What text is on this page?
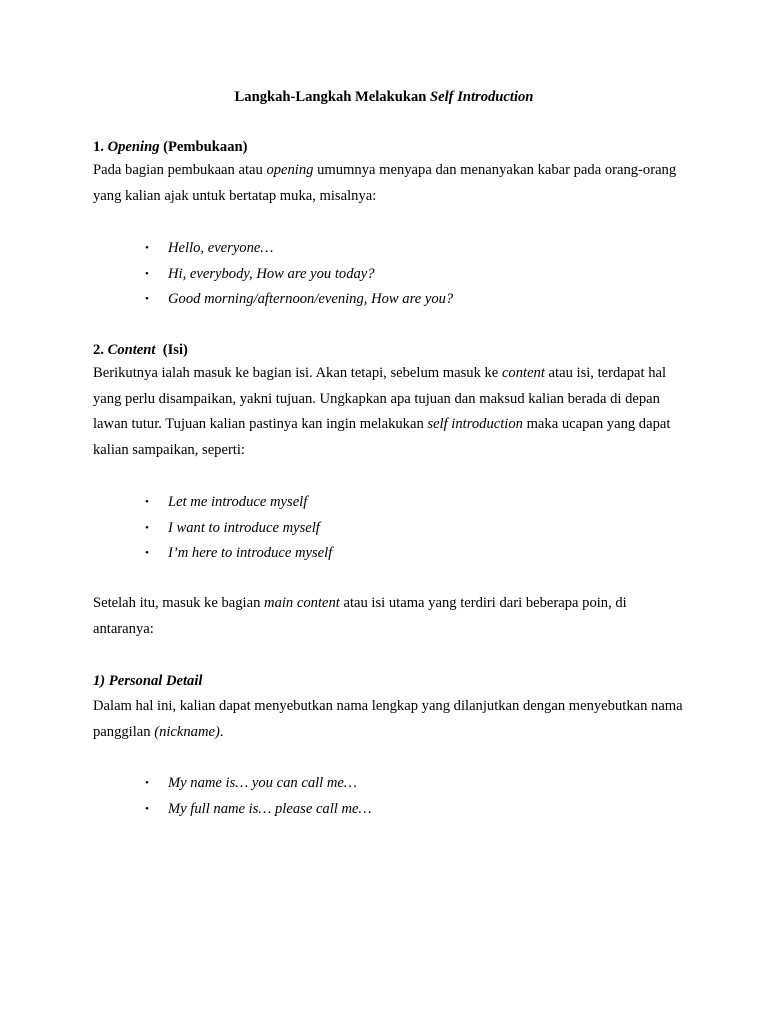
Langkah-Langkah Melakukan Self Introduction
1. Opening (Pembukaan)

Pada bagian pembukaan atau opening umumnya menyapa dan menanyakan kabar pada orang-orang yang kalian ajak untuk bertatap muka, misalnya:

• Hello, everyone…
• Hi, everybody, How are you today?
• Good morning/afternoon/evening, How are you?
2. Content  (Isi)

Berikutnya ialah masuk ke bagian isi. Akan tetapi, sebelum masuk ke content atau isi, terdapat hal yang perlu disampaikan, yakni tujuan. Ungkapkan apa tujuan dan maksud kalian berada di depan lawan tutur. Tujuan kalian pastinya kan ingin melakukan self introduction maka ucapan yang dapat kalian sampaikan, seperti:

• Let me introduce myself
• I want to introduce myself
• I’m here to introduce myself

Setelah itu, masuk ke bagian main content atau isi utama yang terdiri dari beberapa poin, di antaranya:

1) Personal Detail

Dalam hal ini, kalian dapat menyebutkan nama lengkap yang dilanjutkan dengan menyebutkan nama panggilan (nickname).

• My name is… you can call me…
• My full name is… please call me…
